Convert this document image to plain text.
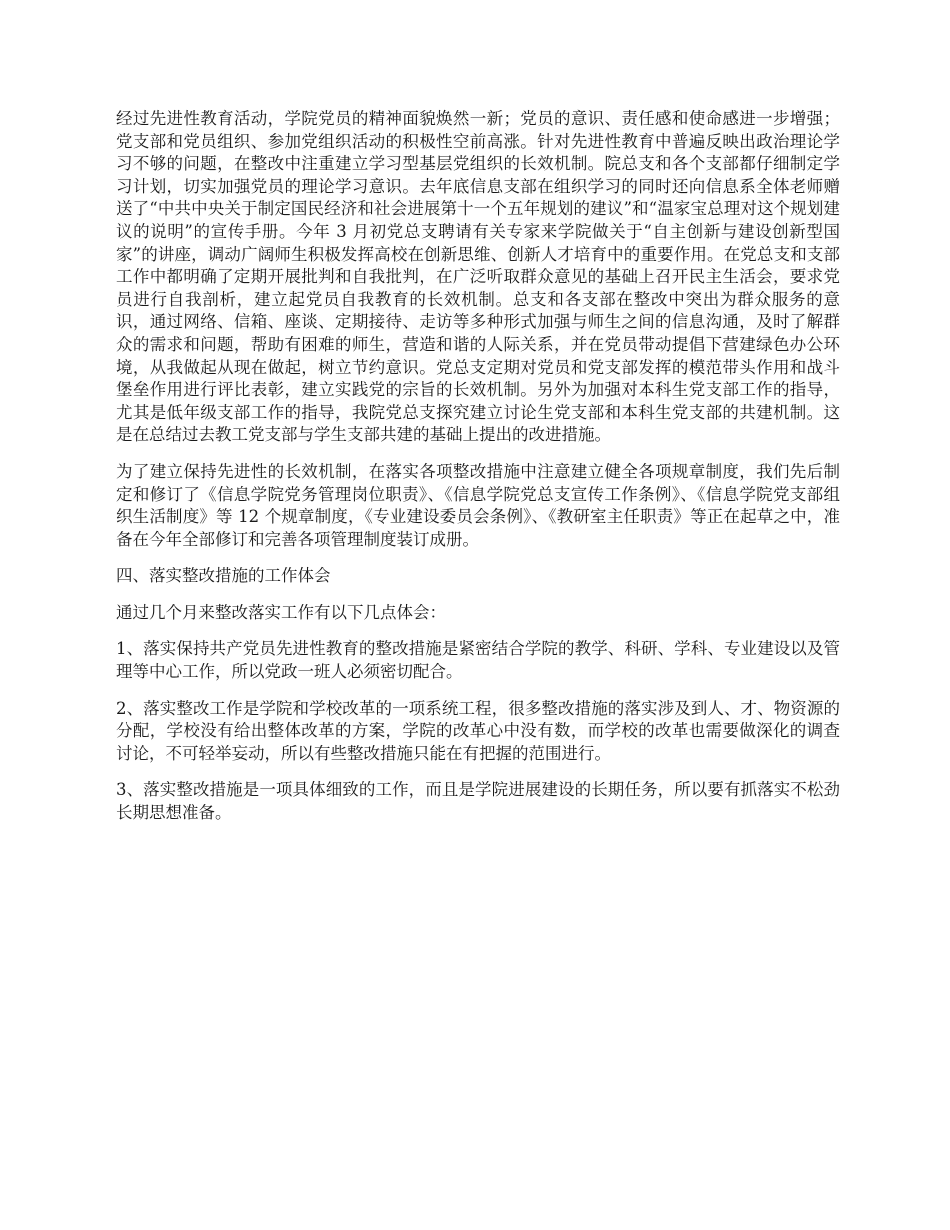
经过先进性教育活动，学院党员的精神面貌焕然一新；党员的意识、责任感和使命感进一步增强；党支部和党员组织、参加党组织活动的积极性空前高涨。针对先进性教育中普遍反映出政治理论学习不够的问题，在整改中注重建立学习型基层党组织的长效机制。院总支和各个支部都仔细制定学习计划，切实加强党员的理论学习意识。去年底信息支部在组织学习的同时还向信息系全体老师赠送了“中共中央关于制定国民经济和社会进展第十一个五年规划的建议”和“温家宝总理对这个规划建议的说明”的宣传手册。今年 3 月初党总支聘请有关专家来学院做关于“自主创新与建设创新型国家”的讲座，调动广阔师生积极发挥高校在创新思维、创新人才培育中的重要作用。在党总支和支部工作中都明确了定期开展批判和自我批判，在广泛听取群众意见的基础上召开民主生活会，要求党员进行自我剖析，建立起党员自我教育的长效机制。总支和各支部在整改中突出为群众服务的意识，通过网络、信箱、座谈、定期接待、走访等多种形式加强与师生之间的信息沟通，及时了解群众的需求和问题，帮助有困难的师生，营造和谐的人际关系，并在党员带动提倡下营建绿色办公环境，从我做起从现在做起，树立节约意识。党总支定期对党员和党支部发挥的模范带头作用和战斗堡垒作用进行评比表彰，建立实践党的宗旨的长效机制。另外为加强对本科生党支部工作的指导，尤其是低年级支部工作的指导，我院党总支探究建立讨论生党支部和本科生党支部的共建机制。这是在总结过去教工党支部与学生支部共建的基础上提出的改进措施。

为了建立保持先进性的长效机制，在落实各项整改措施中注意建立健全各项规章制度，我们先后制定和修订了《信息学院党务管理岗位职责》、《信息学院党总支宣传工作条例》、《信息学院党支部组织生活制度》等 12 个规章制度，《专业建设委员会条例》、《教研室主任职责》等正在起草之中，准备在今年全部修订和完善各项管理制度装订成册。

四、落实整改措施的工作体会

通过几个月来整改落实工作有以下几点体会：

1、落实保持共产党员先进性教育的整改措施是紧密结合学院的教学、科研、学科、专业建设以及管理等中心工作，所以党政一班人必须密切配合。

2、落实整改工作是学院和学校改革的一项系统工程，很多整改措施的落实涉及到人、才、物资源的分配，学校没有给出整体改革的方案，学院的改革心中没有数，而学校的改革也需要做深化的调查讨论，不可轻举妄动，所以有些整改措施只能在有把握的范围进行。

3、落实整改措施是一项具体细致的工作，而且是学院进展建设的长期任务，所以要有抓落实不松劲长期思想准备。
